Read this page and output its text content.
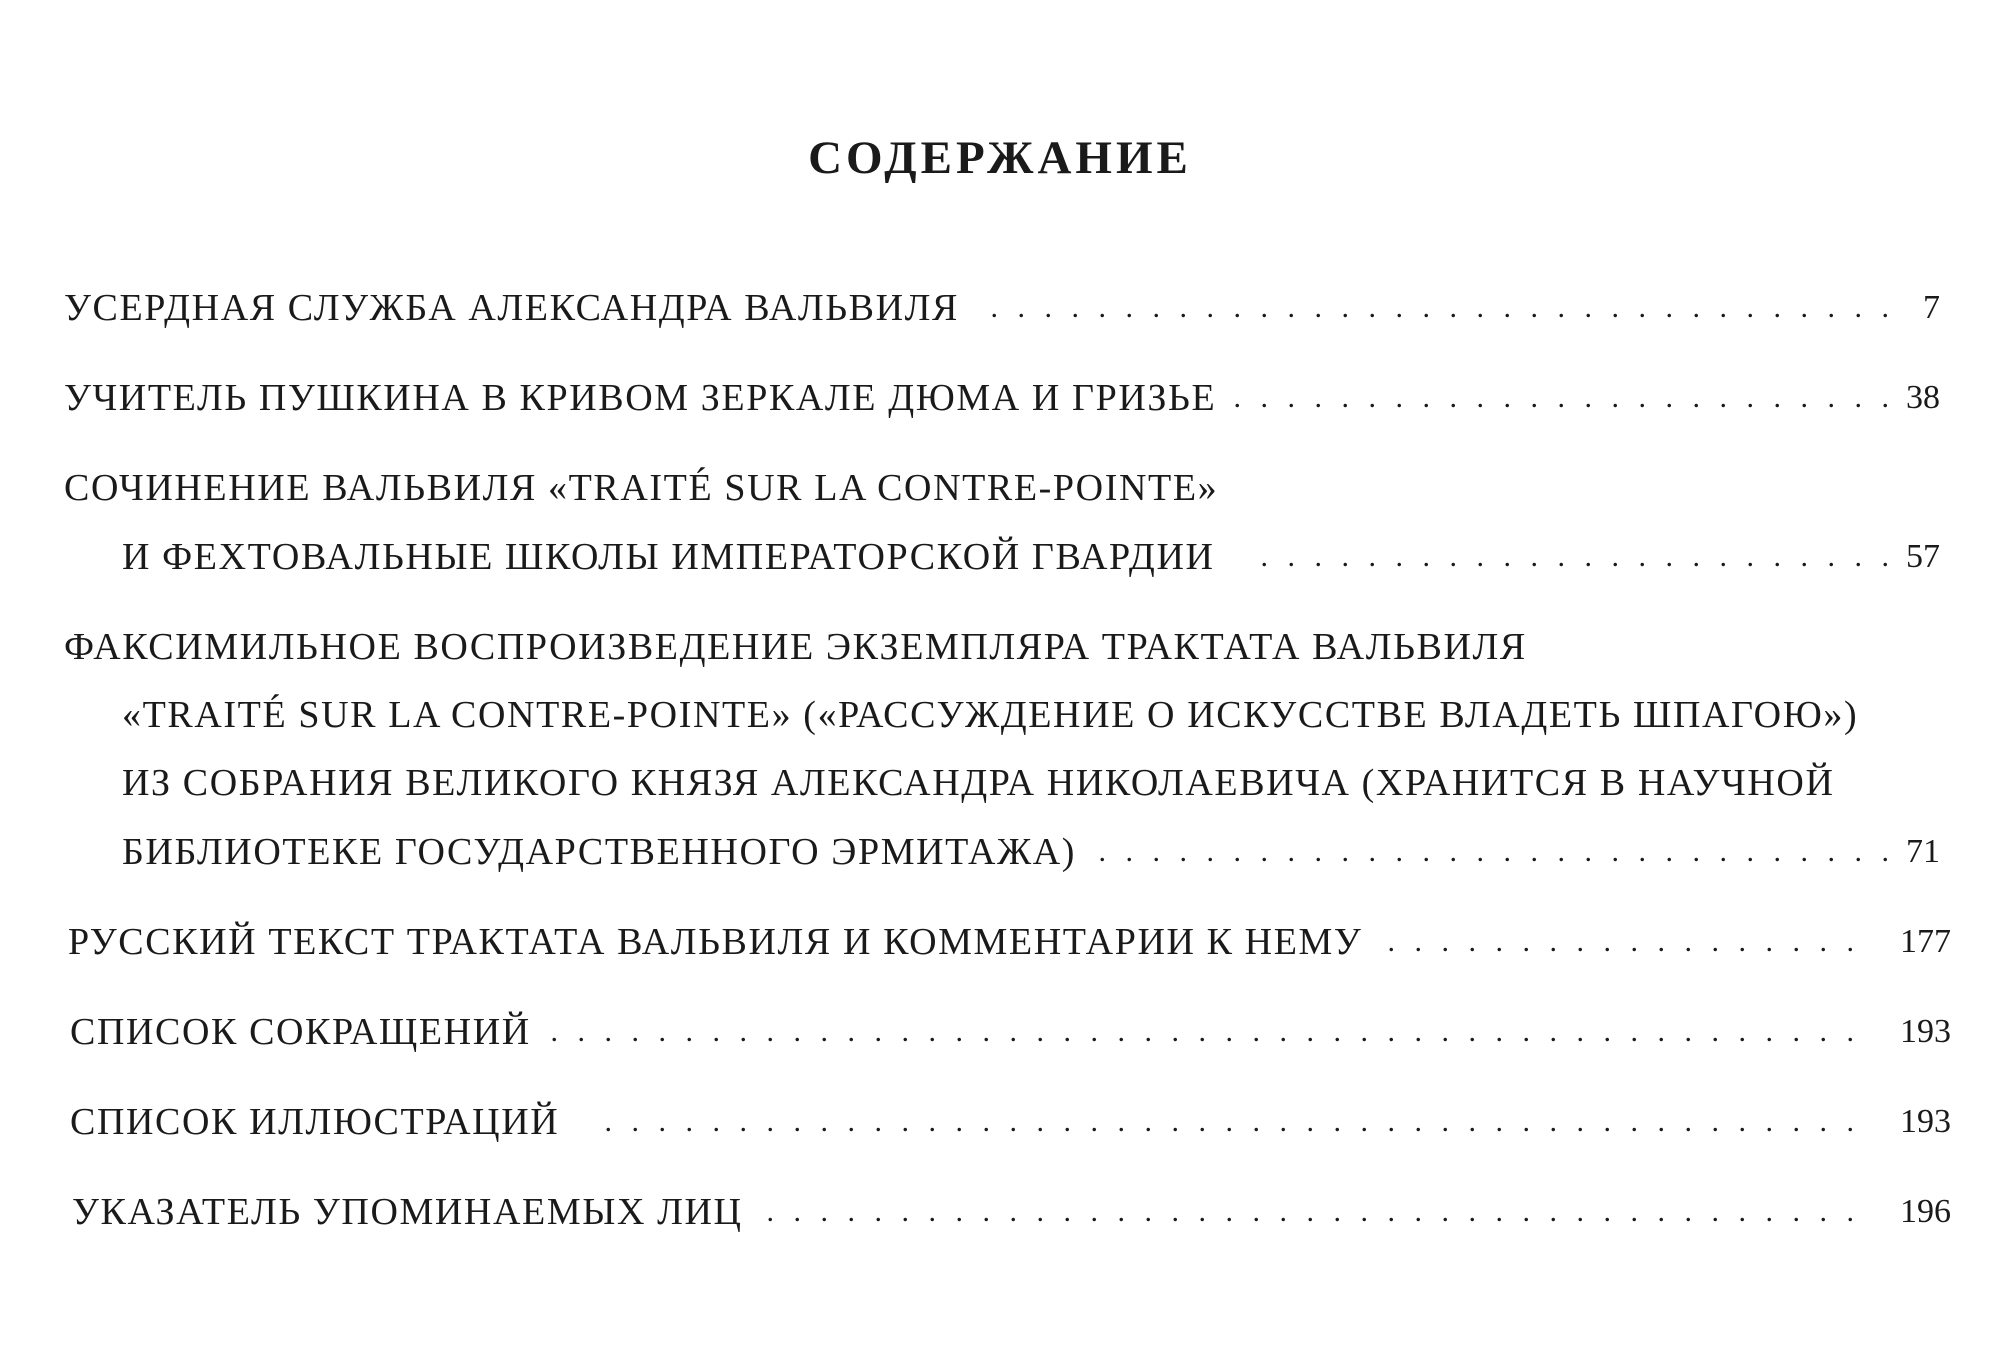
СОДЕРЖАНИЕ
УСЕРДНАЯ СЛУЖБА АЛЕКСАНДРА ВАЛЬВИЛЯ . . .	7
УЧИТЕЛЬ ПУШКИНА В КРИВОМ ЗЕРКАЛЕ ДЮМА И ГРИЗЬЕ . . .	38
СОЧИНЕНИЕ ВАЛЬВИЛЯ «TRAITÉ SUR LA CONTRE-POINTE»
И ФЕХТОВАЛЬНЫЕ ШКОЛЫ ИМПЕРАТОРСКОЙ ГВАРДИИ . . .	57
ФАКСИМИЛЬНОЕ ВОСПРОИЗВЕДЕНИЕ ЭКЗЕМПЛЯРА ТРАКТАТА ВАЛЬВИЛЯ
«TRAITÉ SUR LA CONTRE-POINTE» («РАССУЖДЕНИЕ О ИСКУССТВЕ ВЛАДЕТЬ ШПАГОЮ»)
ИЗ СОБРАНИЯ ВЕЛИКОГО КНЯЗЯ АЛЕКСАНДРА НИКОЛАЕВИЧА (ХРАНИТСЯ В НАУЧНОЙ
БИБЛИОТЕКЕ ГОСУДАРСТВЕННОГО ЭРМИТАЖА) . . .	71
РУССКИЙ ТЕКСТ ТРАКТАТА ВАЛЬВИЛЯ И КОММЕНТАРИИ К НЕМУ . . .	177
СПИСОК СОКРАЩЕНИЙ . . .	193
СПИСОК ИЛЛЮСТРАЦИЙ . . .	193
УКАЗАТЕЛЬ УПОМИНАЕМЫХ ЛИЦ . . .	196
